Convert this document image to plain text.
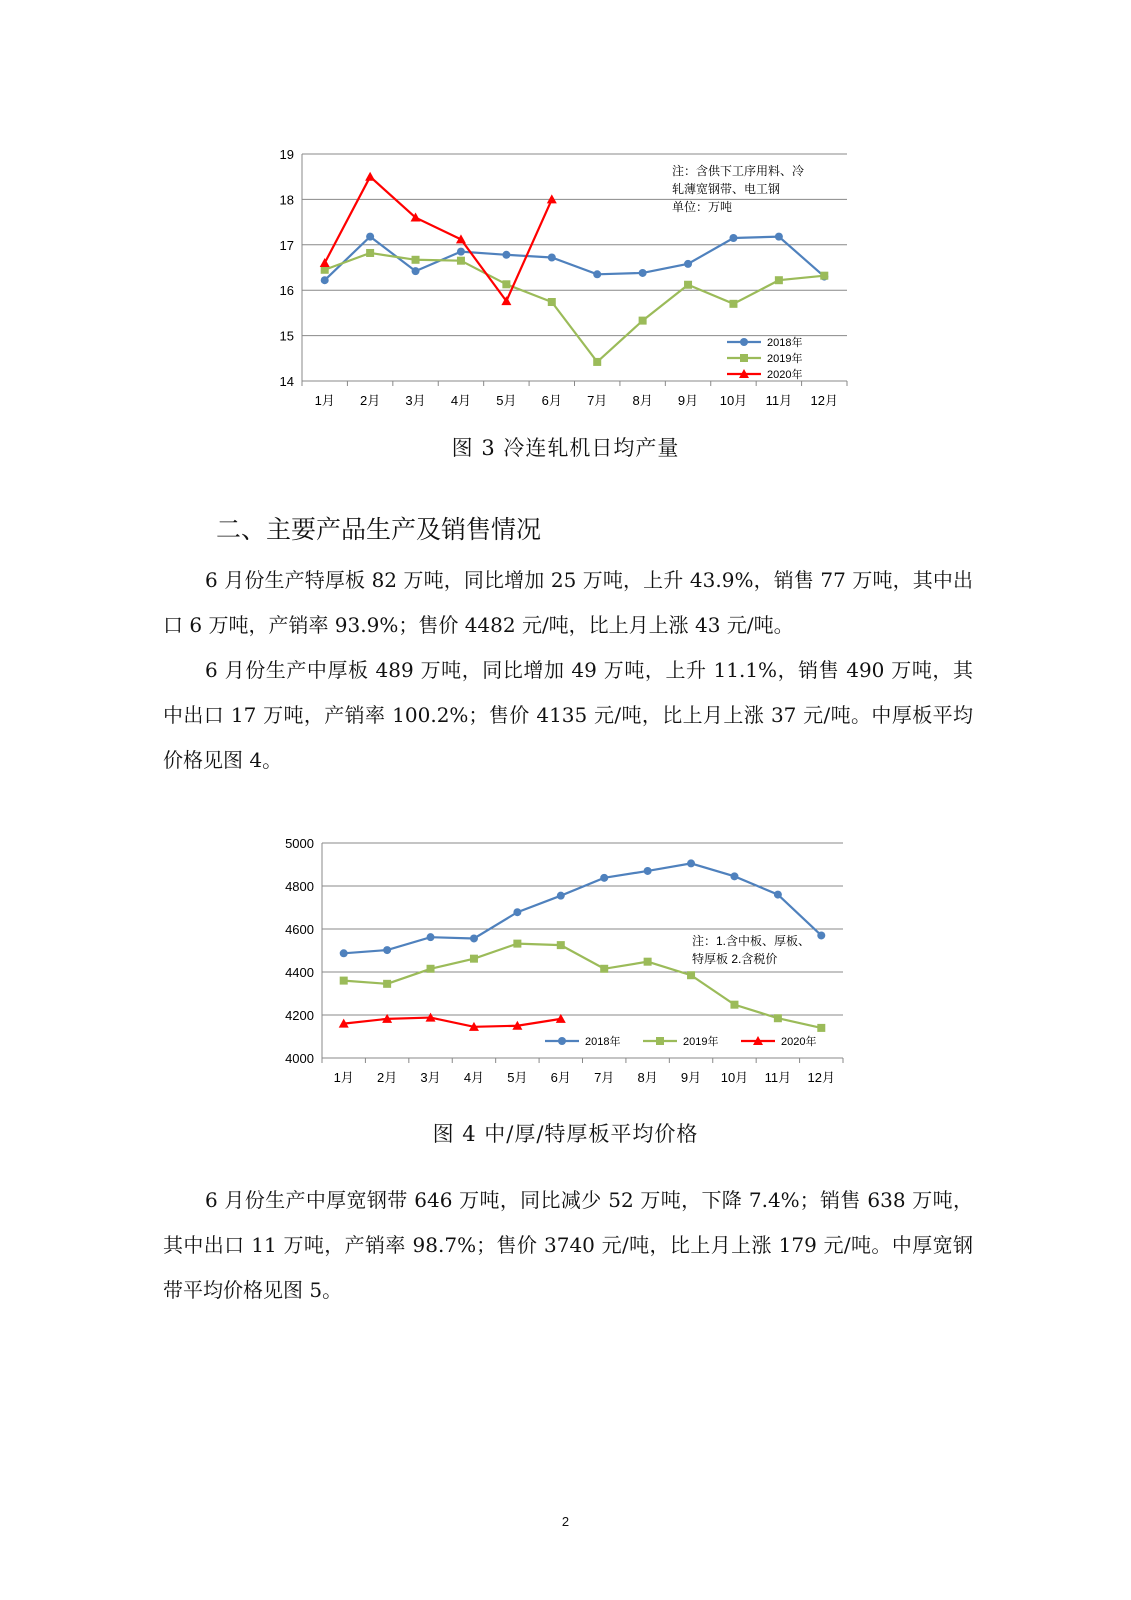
14
15
16
17
18
19
1月 2月 3月 4月 5月 6月 7月 8月 9月 10月 11月 12月
注：含供下工序用料、冷
轧薄宽钢带、电工钢
单位：万吨
2018年
2019年
2020年
图 3 冷连轧机日均产量
二、主要产品生产及销售情况
6 月份生产特厚板 82 万吨，同比增加 25 万吨，上升 43.9%，销售 77 万吨，其中出口 6 万吨，产销率 93.9%；售价 4482 元/吨，比上月上涨 43 元/吨。
6 月份生产中厚板 489 万吨，同比增加 49 万吨，上升 11.1%，销售 490 万吨，其中出口 17 万吨，产销率 100.2%；售价 4135 元/吨，比上月上涨 37 元/吨。中厚板平均价格见图 4。
4000
4200
4400
4600
4800
5000
1月 2月 3月 4月 5月 6月 7月 8月 9月 10月 11月 12月
注：1.含中板、厚板、
特厚板 2.含税价
2018年	2019年	2020年
图 4 中/厚/特厚板平均价格
6 月份生产中厚宽钢带 646 万吨，同比减少 52 万吨，下降 7.4%；销售 638 万吨，其中出口 11 万吨，产销率 98.7%；售价 3740 元/吨，比上月上涨 179 元/吨。中厚宽钢带平均价格见图 5。
2
